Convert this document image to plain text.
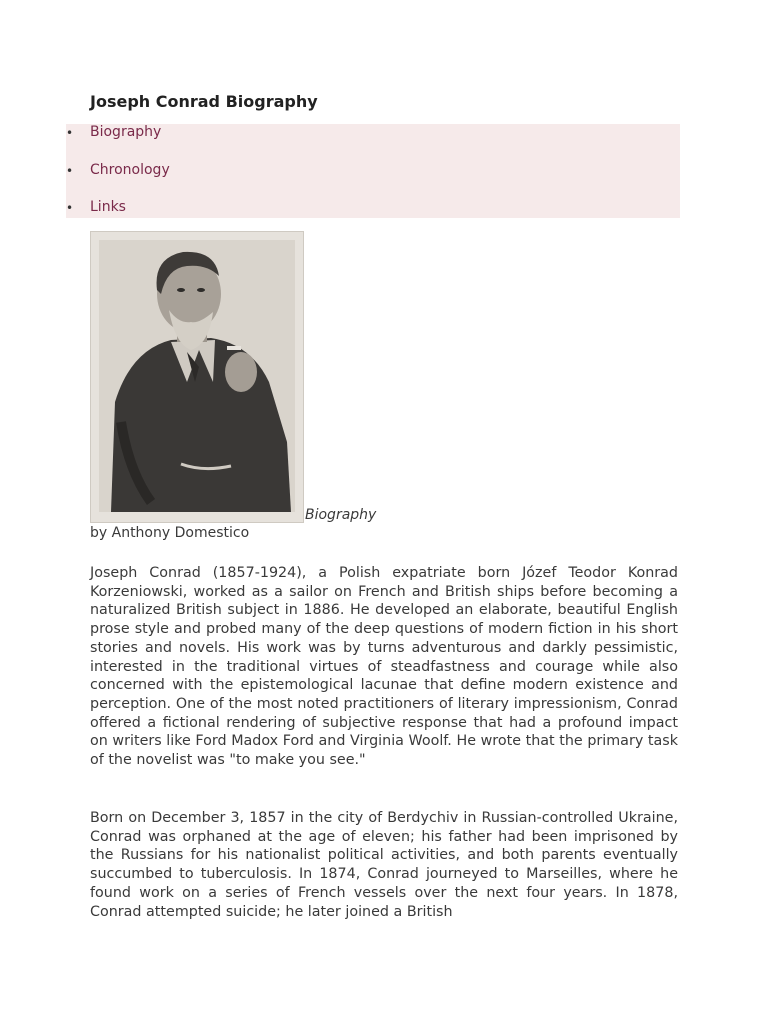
Joseph Conrad Biography
• Biography
• Chronology
• Links
Biography
by Anthony Domestico

Joseph Conrad (1857-1924), a Polish expatriate born Józef Teodor Konrad Korzeniowski, worked as a sailor on French and British ships before becoming a naturalized British subject in 1886. He developed an elaborate, beautiful English prose style and probed many of the deep questions of modern fiction in his short stories and novels. His work was by turns adventurous and darkly pessimistic, interested in the traditional virtues of steadfastness and courage while also concerned with the epistemological lacunae that define modern existence and perception. One of the most noted practitioners of literary impressionism, Conrad offered a fictional rendering of subjective response that had a profound impact on writers like Ford Madox Ford and Virginia Woolf. He wrote that the primary task of the novelist was "to make you see."

Born on December 3, 1857 in the city of Berdychiv in Russian-controlled Ukraine, Conrad was orphaned at the age of eleven; his father had been imprisoned by the Russians for his nationalist political activities, and both parents eventually succumbed to tuberculosis. In 1874, Conrad journeyed to Marseilles, where he found work on a series of French vessels over the next four years. In 1878, Conrad attempted suicide; he later joined a British
